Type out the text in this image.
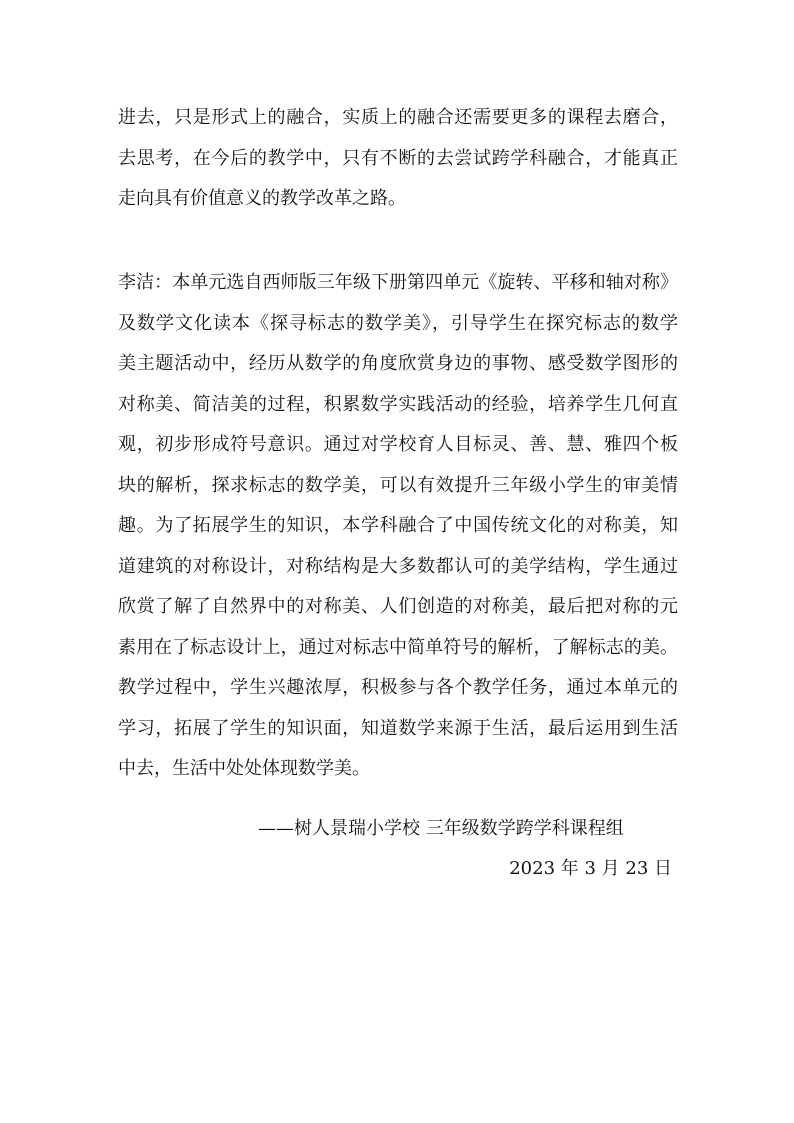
进去，只是形式上的融合，实质上的融合还需要更多的课程去磨合，
去思考，在今后的教学中，只有不断的去尝试跨学科融合，才能真正
走向具有价值意义的教学改革之路。
李洁：本单元选自西师版三年级下册第四单元《旋转、平移和轴对称》
及数学文化读本《探寻标志的数学美》，引导学生在探究标志的数学
美主题活动中，经历从数学的角度欣赏身边的事物、感受数学图形的
对称美、简洁美的过程，积累数学实践活动的经验，培养学生几何直
观，初步形成符号意识。通过对学校育人目标灵、善、慧、雅四个板
块的解析，探求标志的数学美，可以有效提升三年级小学生的审美情
趣。为了拓展学生的知识，本学科融合了中国传统文化的对称美，知
道建筑的对称设计，对称结构是大多数都认可的美学结构，学生通过
欣赏了解了自然界中的对称美、人们创造的对称美，最后把对称的元
素用在了标志设计上，通过对标志中简单符号的解析，了解标志的美。
教学过程中，学生兴趣浓厚，积极参与各个教学任务，通过本单元的
学习，拓展了学生的知识面，知道数学来源于生活，最后运用到生活
中去，生活中处处体现数学美。

——树人景瑞小学校 三年级数学跨学科课程组

2023 年 3 月 23 日
